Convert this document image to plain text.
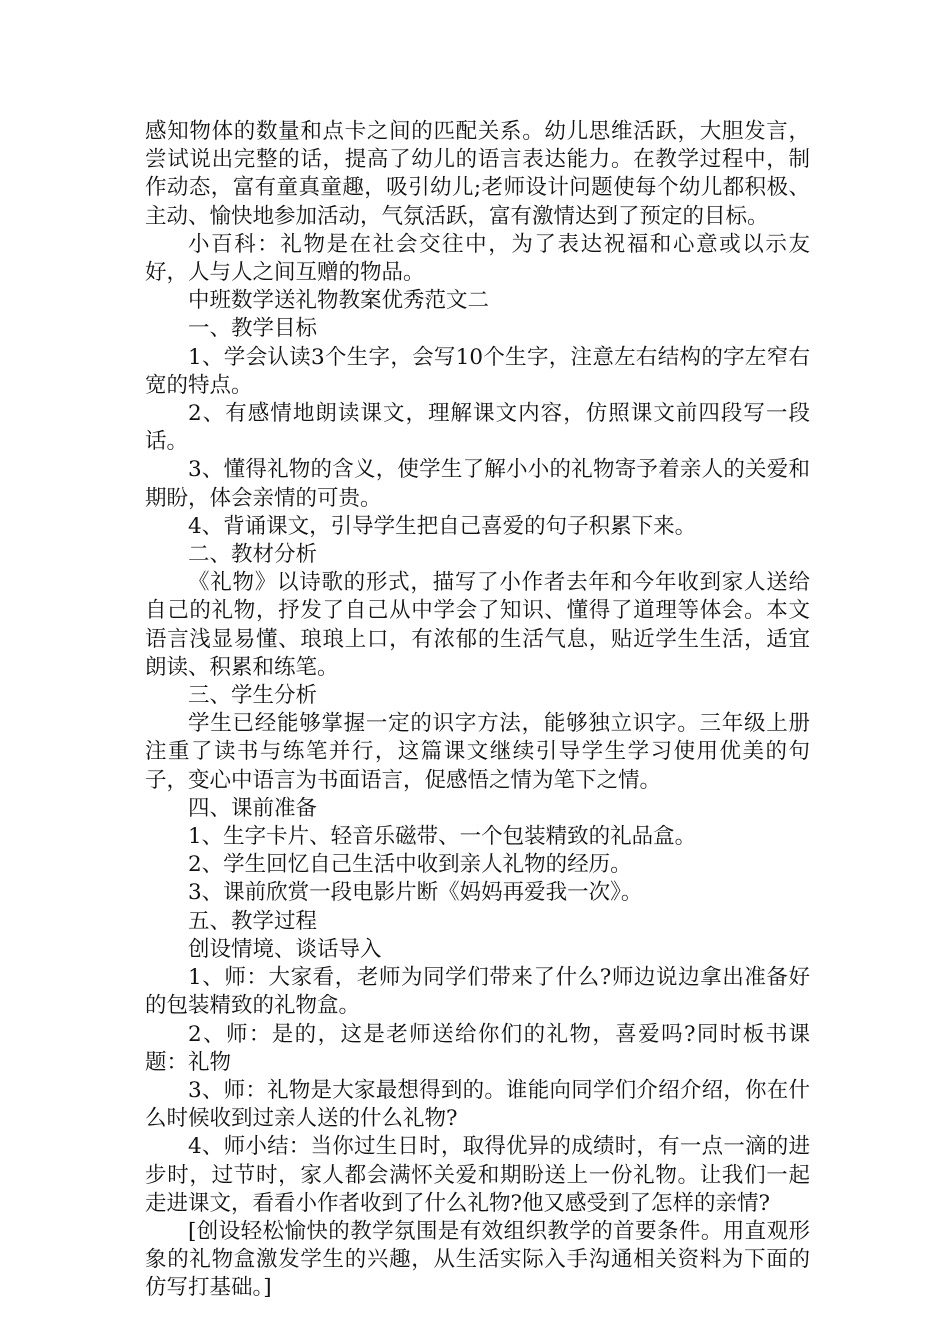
感知物体的数量和点卡之间的匹配关系。幼儿思维活跃，大胆发言，尝试说出完整的话，提高了幼儿的语言表达能力。在教学过程中，制作动态，富有童真童趣，吸引幼儿;老师设计问题使每个幼儿都积极、主动、愉快地参加活动，气氛活跃，富有激情达到了预定的目标。

小百科：礼物是在社会交往中，为了表达祝福和心意或以示友好，人与人之间互赠的物品。

中班数学送礼物教案优秀范文二

一、教学目标

1、学会认读3个生字，会写10个生字，注意左右结构的字左窄右宽的特点。

2、有感情地朗读课文，理解课文内容，仿照课文前四段写一段话。

3、懂得礼物的含义，使学生了解小小的礼物寄予着亲人的关爱和期盼，体会亲情的可贵。

4、背诵课文，引导学生把自己喜爱的句子积累下来。

二、教材分析

《礼物》以诗歌的形式，描写了小作者去年和今年收到家人送给自己的礼物，抒发了自己从中学会了知识、懂得了道理等体会。本文语言浅显易懂、琅琅上口，有浓郁的生活气息，贴近学生生活，适宜朗读、积累和练笔。

三、学生分析

学生已经能够掌握一定的识字方法，能够独立识字。三年级上册注重了读书与练笔并行，这篇课文继续引导学生学习使用优美的句子，变心中语言为书面语言，促感悟之情为笔下之情。

四、课前准备

1、生字卡片、轻音乐磁带、一个包装精致的礼品盒。

2、学生回忆自己生活中收到亲人礼物的经历。

3、课前欣赏一段电影片断《妈妈再爱我一次》。

五、教学过程

创设情境、谈话导入

1、师：大家看，老师为同学们带来了什么?师边说边拿出准备好的包装精致的礼物盒。

2、师：是的，这是老师送给你们的礼物，喜爱吗?同时板书课题：礼物

3、师：礼物是大家最想得到的。谁能向同学们介绍介绍，你在什么时候收到过亲人送的什么礼物?

4、师小结：当你过生日时，取得优异的成绩时，有一点一滴的进步时，过节时，家人都会满怀关爱和期盼送上一份礼物。让我们一起走进课文，看看小作者收到了什么礼物?他又感受到了怎样的亲情?

[创设轻松愉快的教学氛围是有效组织教学的首要条件。用直观形象的礼物盒激发学生的兴趣，从生活实际入手沟通相关资料为下面的仿写打基础。]
